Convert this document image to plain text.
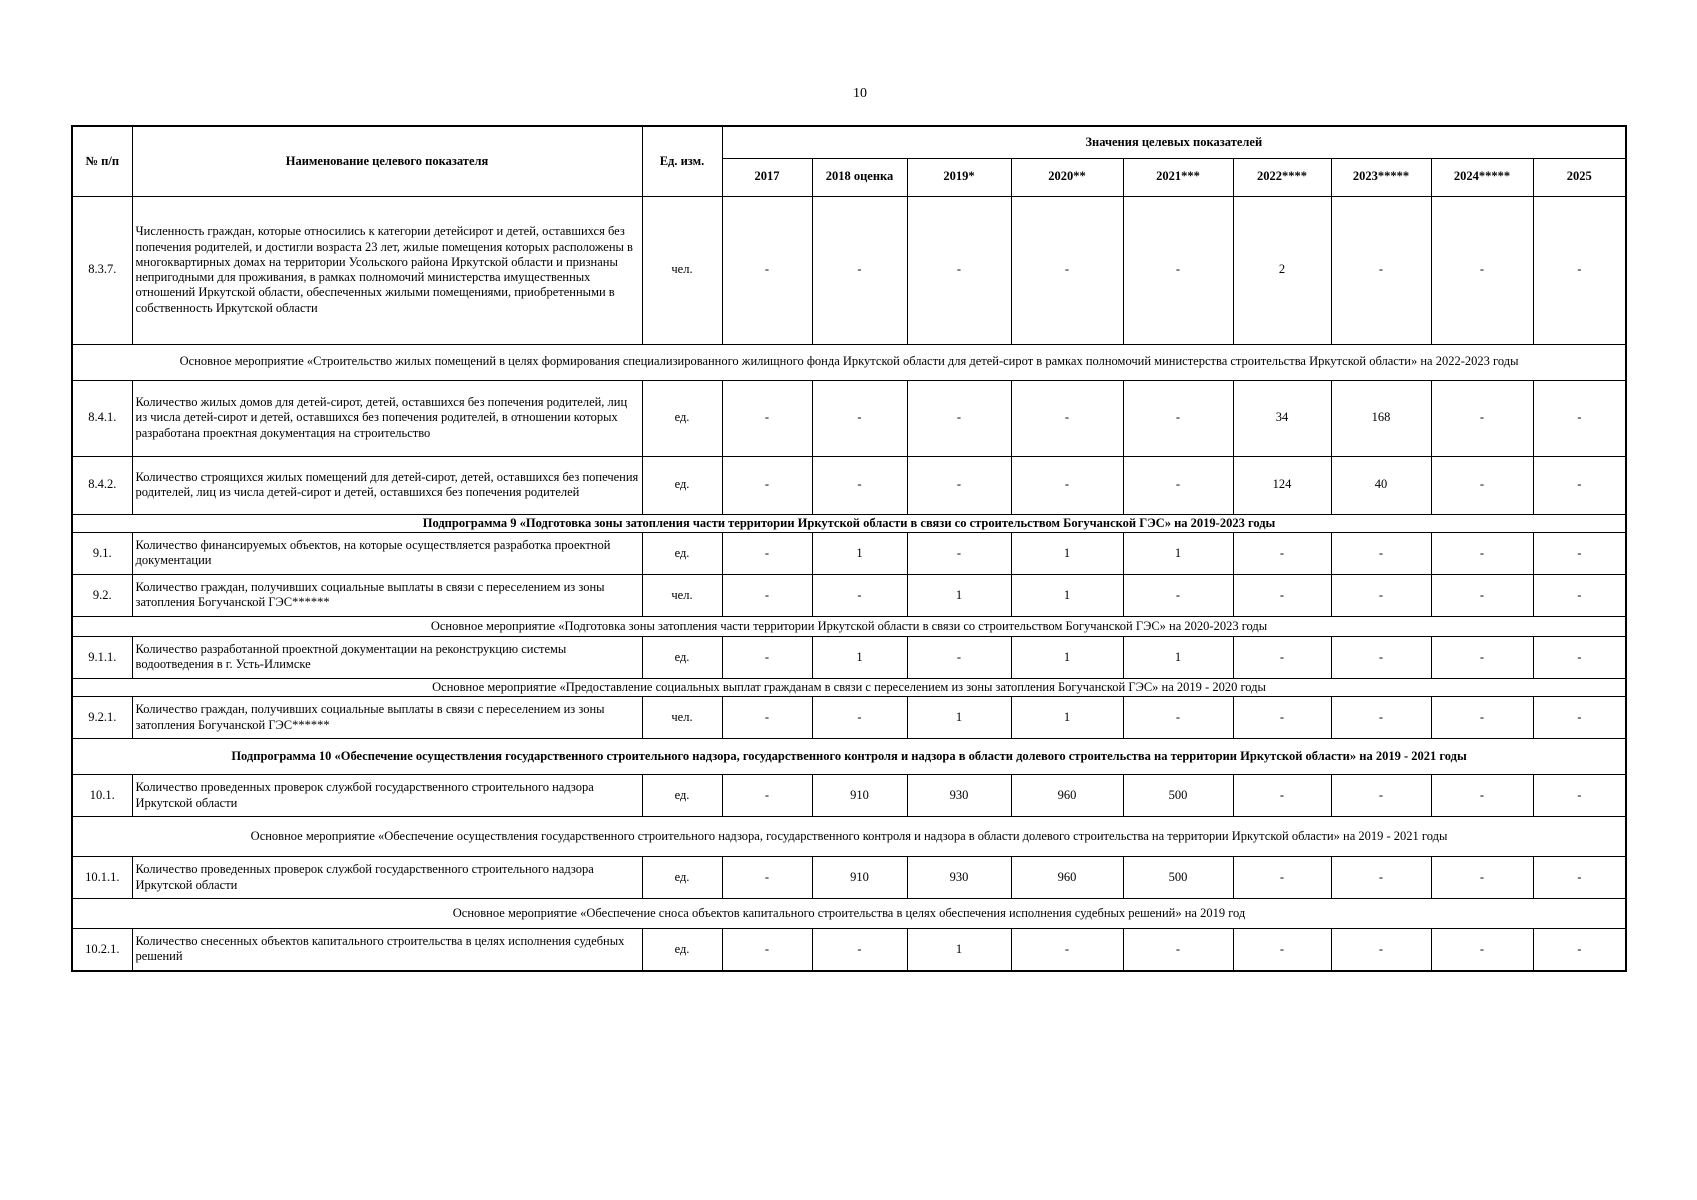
10
№ п/п	Наименование целевого показателя	Ед. изм.	Значения целевых показателей								
			2017	2018 оценка	2019*	2020**	2021***	2022****	2023*****	2024*****	2025
8.3.7.	Численность граждан, которые относились к категории детейсирот и детей, оставшихся без попечения родителей, и достигли возраста 23 лет, жилые помещения которых расположены в многоквартирных домах на территории Усольского района Иркутской области и признаны непригодными для проживания, в рамках полномочий министерства имущественных отношений Иркутской области, обеспеченных жилыми помещениями, приобретенными в собственность Иркутской области	чел.	-	-	-	-	-	2	-	-	-
Основное мероприятие «Строительство жилых помещений в целях формирования специализированного жилищного фонда Иркутской области для детей-сирот в рамках полномочий министерства строительства Иркутской области» на 2022-2023 годы											
8.4.1.	Количество жилых домов для детей-сирот, детей, оставшихся без попечения родителей, лиц из числа детей-сирот и детей, оставшихся без попечения родителей, в отношении которых разработана проектная документация на строительство	ед.	-	-	-	-	-	34	168	-	-
8.4.2.	Количество строящихся жилых помещений для детей-сирот, детей, оставшихся без попечения родителей, лиц из числа детей-сирот и детей, оставшихся без попечения родителей	ед.	-	-	-	-	-	124	40	-	-
Подпрограмма 9 «Подготовка зоны затопления части территории Иркутской области в связи со строительством Богучанской ГЭС» на 2019-2023 годы											
9.1.	Количество финансируемых объектов, на которые осуществляется разработка проектной документации	ед.	-	1	-	1	1	-	-	-	-
9.2.	Количество граждан, получивших социальные выплаты в связи с переселением из зоны затопления Богучанской ГЭС******	чел.	-	-	1	1	-	-	-	-	-
Основное мероприятие «Подготовка зоны затопления части территории Иркутской области в связи со строительством Богучанской ГЭС» на 2020-2023 годы											
9.1.1.	Количество разработанной проектной документации на реконструкцию системы водоотведения в г. Усть-Илимске	ед.	-	1	-	1	1	-	-	-	-
Основное мероприятие «Предоставление социальных выплат гражданам в связи с переселением из зоны затопления Богучанской ГЭС» на 2019 - 2020 годы											
9.2.1.	Количество граждан, получивших социальные выплаты в связи с переселением из зоны затопления Богучанской ГЭС******	чел.	-	-	1	1	-	-	-	-	-
Подпрограмма 10 «Обеспечение осуществления государственного строительного надзора, государственного контроля и надзора в области долевого строительства на территории Иркутской области» на 2019 - 2021 годы											
10.1.	Количество проведенных проверок службой государственного строительного надзора Иркутской области	ед.	-	910	930	960	500	-	-	-	-
Основное мероприятие «Обеспечение осуществления государственного строительного надзора, государственного контроля и надзора в области долевого строительства на территории Иркутской области» на 2019 - 2021 годы											
10.1.1.	Количество проведенных проверок службой государственного строительного надзора Иркутской области	ед.	-	910	930	960	500	-	-	-	-
Основное мероприятие «Обеспечение сноса объектов капитального строительства в целях обеспечения исполнения судебных решений» на 2019 год											
10.2.1.	Количество снесенных объектов капитального строительства в целях исполнения судебных решений	ед.	-	-	1	-	-	-	-	-	-
